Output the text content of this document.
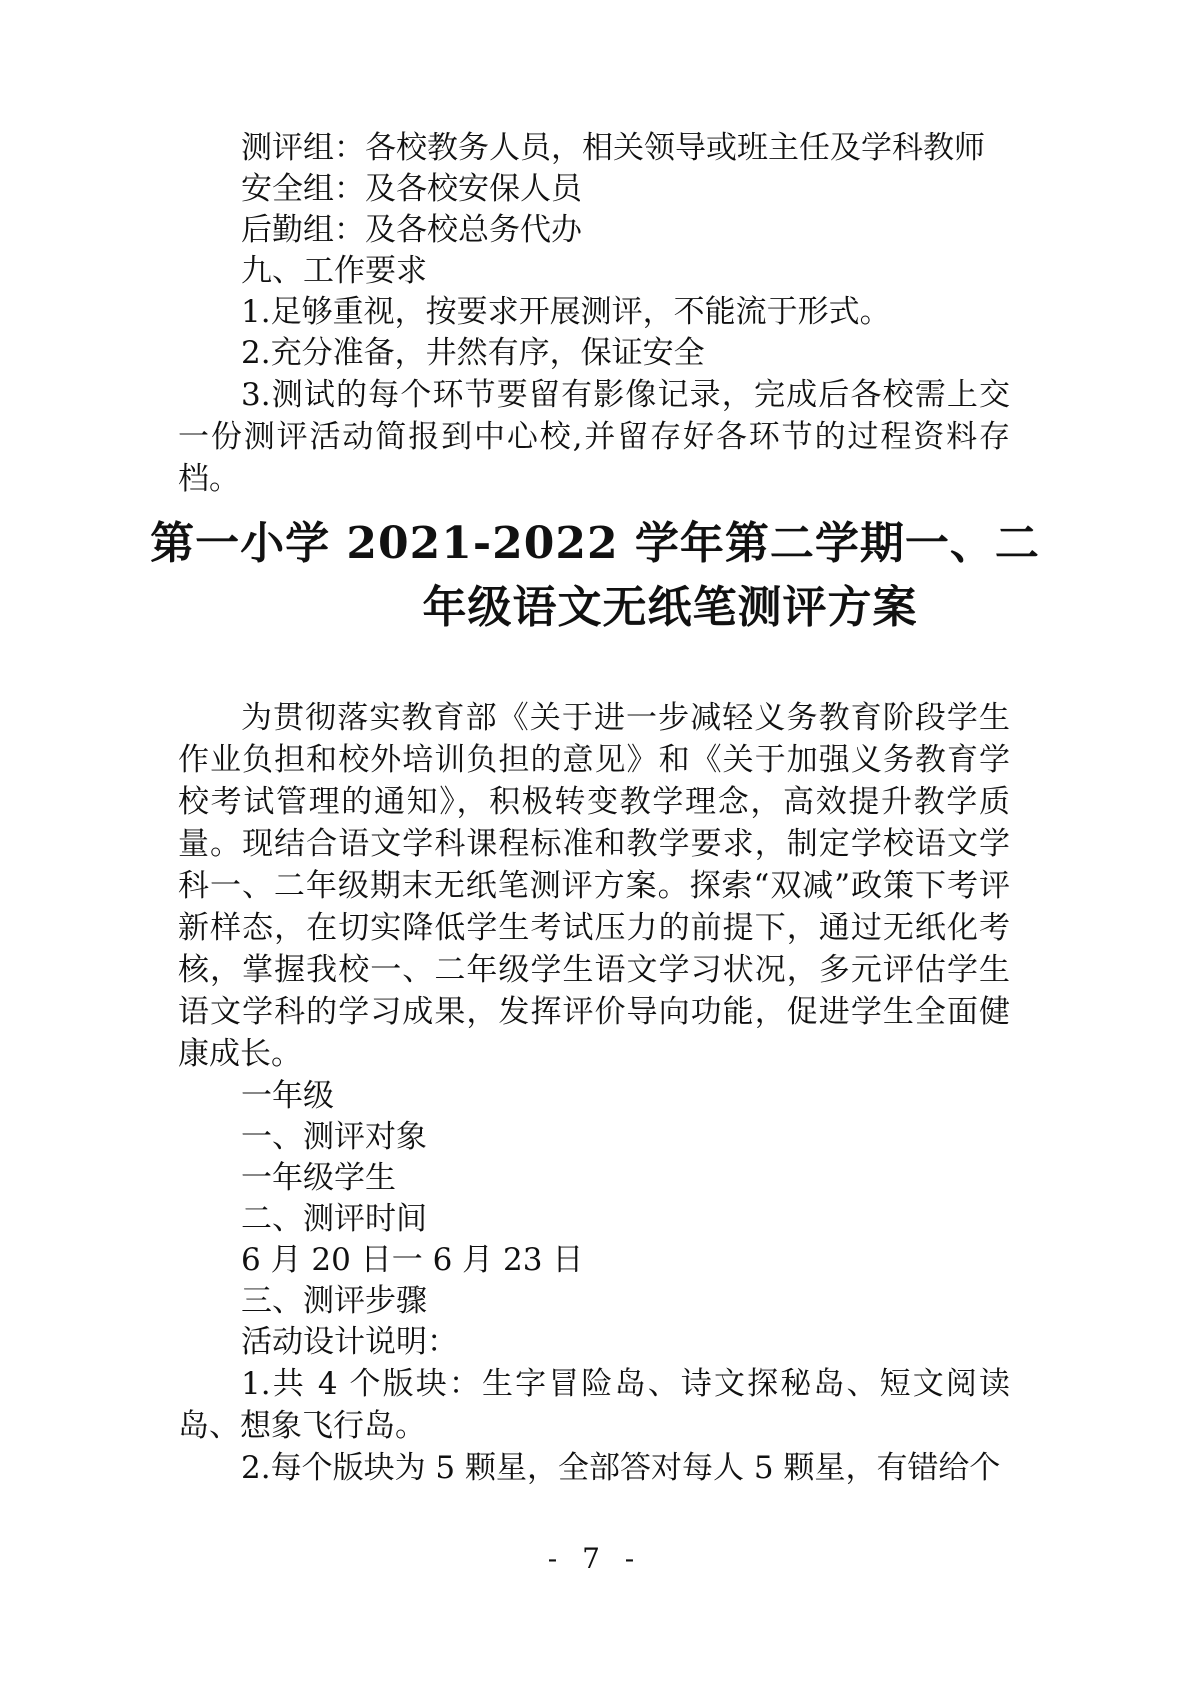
测评组：各校教务人员，相关领导或班主任及学科教师

安全组：及各校安保人员

后勤组：及各校总务代办

九、工作要求

1.足够重视，按要求开展测评，不能流于形式。

2.充分准备，井然有序，保证安全

3.测试的每个环节要留有影像记录，完成后各校需上交一份测评活动简报到中心校,并留存好各环节的过程资料存档。

第一小学 2021-2022 学年第二学期一、二
年级语文无纸笔测评方案

为贯彻落实教育部《关于进一步减轻义务教育阶段学生作业负担和校外培训负担的意见》和《关于加强义务教育学校考试管理的通知》，积极转变教学理念，高效提升教学质量。现结合语文学科课程标准和教学要求，制定学校语文学科一、二年级期末无纸笔测评方案。探索“双减”政策下考评新样态，在切实降低学生考试压力的前提下，通过无纸化考核，掌握我校一、二年级学生语文学习状况，多元评估学生语文学科的学习成果，发挥评价导向功能，促进学生全面健康成长。

一年级

一、测评对象

一年级学生

二、测评时间

6 月 20 日一 6 月 23 日

三、测评步骤

活动设计说明：

1.共 4 个版块：生字冒险岛、诗文探秘岛、短文阅读岛、想象飞行岛。

2.每个版块为 5 颗星，全部答对每人 5 颗星，有错给个

- 7 -
